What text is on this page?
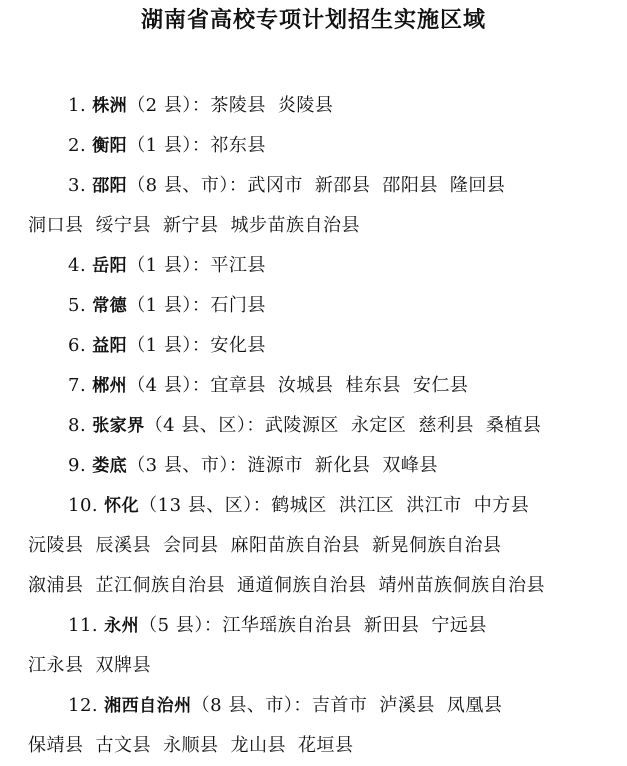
湖南省高校专项计划招生实施区域
1. 株洲（2 县）：茶陵县 炎陵县
2. 衡阳（1 县）：祁东县
3. 邵阳（8 县、市）：武冈市 新邵县 邵阳县 隆回县
洞口县 绥宁县 新宁县 城步苗族自治县
4. 岳阳（1 县）：平江县
5. 常德（1 县）：石门县
6. 益阳（1 县）：安化县
7. 郴州（4 县）：宜章县 汝城县 桂东县 安仁县
8. 张家界（4 县、区）：武陵源区 永定区 慈利县 桑植县
9. 娄底（3 县、市）：涟源市 新化县 双峰县
10. 怀化（13 县、区）：鹤城区 洪江区 洪江市 中方县
沅陵县 辰溪县 会同县 麻阳苗族自治县 新晃侗族自治县
溆浦县 芷江侗族自治县 通道侗族自治县 靖州苗族侗族自治县
11. 永州（5 县）：江华瑶族自治县 新田县 宁远县
江永县 双牌县
12. 湘西自治州（8 县、市）：吉首市 泸溪县 凤凰县
保靖县 古文县 永顺县 龙山县 花垣县
